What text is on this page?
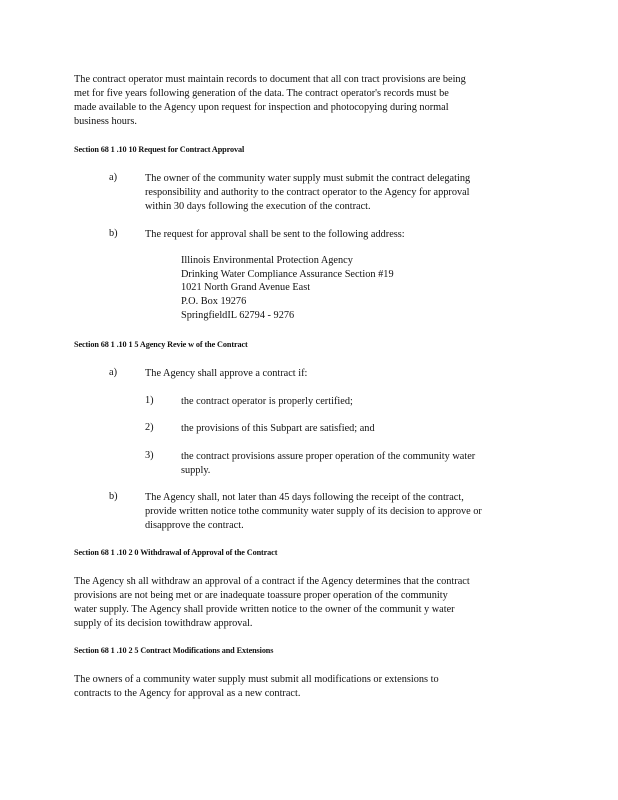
The contract operator must maintain records to document that all con tract provisions are being
met for five years following generation of the data. The contract operator's records must be
made available to the Agency upon request for inspection and photocopying during normal
business hours.
Section 68 1 .10 10 Request for Contract Approval
a)	The owner of the community water supply must submit the contract delegating
responsibility and authority to the contract operator to the Agency for approval
within 30 days following the execution of the contract.
b)	The request for approval shall be sent to the following address:
Illinois Environmental Protection Agency
Drinking Water Compliance Assurance Section #19
1021 North Grand Avenue East
P.O. Box 19276
SpringfieldIL 62794 - 9276
Section 68 1 .10 1 5 Agency Revie w of the Contract
a)	The Agency shall approve a contract if:
1)	the contract operator is properly certified;
2)	the provisions of this Subpart are satisfied; and
3)	the contract provisions assure proper operation of the community water
supply.
b)	The Agency shall, not later than 45 days following the receipt of the contract,
provide written notice tothe community water supply of its decision to approve or
disapprove the contract.
Section 68 1 .10 2 0 Withdrawal of Approval of the Contract
The Agency sh all withdraw an approval of a contract if the Agency determines that the contract
provisions are not being met or are inadequate toassure proper operation of the community
water supply. The Agency shall provide written notice to the owner of the communit y water
supply of its decision towithdraw approval.
Section 68 1 .10 2 5 Contract Modifications and Extensions
The owners of a community water supply must submit all modifications or extensions to
contracts to the Agency for approval as a new contract.
